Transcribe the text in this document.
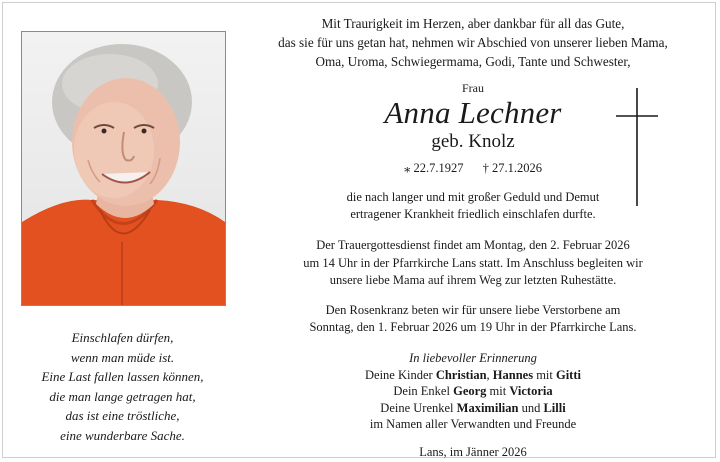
Einschlafen dürfen,
wenn man müde ist.
Eine Last fallen lassen können,
die man lange getragen hat,
das ist eine tröstliche,
eine wunderbare Sache.
Mit Traurigkeit im Herzen, aber dankbar für all das Gute,
das sie für uns getan hat, nehmen wir Abschied von unserer lieben Mama,
Oma, Uroma, Schwiegermama, Godi, Tante und Schwester,
Frau
Anna Lechner
geb. Knolz
⁎ 22.7.1927 † 27.1.2026
die nach langer und mit großer Geduld und Demut
ertragener Krankheit friedlich einschlafen durfte.
Der Trauergottesdienst findet am Montag, den 2. Februar 2026
um 14 Uhr in der Pfarrkirche Lans statt. Im Anschluss begleiten wir
unsere liebe Mama auf ihrem Weg zur letzten Ruhestätte.
Den Rosenkranz beten wir für unsere liebe Verstorbene am
Sonntag, den 1. Februar 2026 um 19 Uhr in der Pfarrkirche Lans.
In liebevoller Erinnerung
Deine Kinder Christian, Hannes mit Gitti
Dein Enkel Georg mit Victoria
Deine Urenkel Maximilian und Lilli
im Namen aller Verwandten und Freunde
Lans, im Jänner 2026
